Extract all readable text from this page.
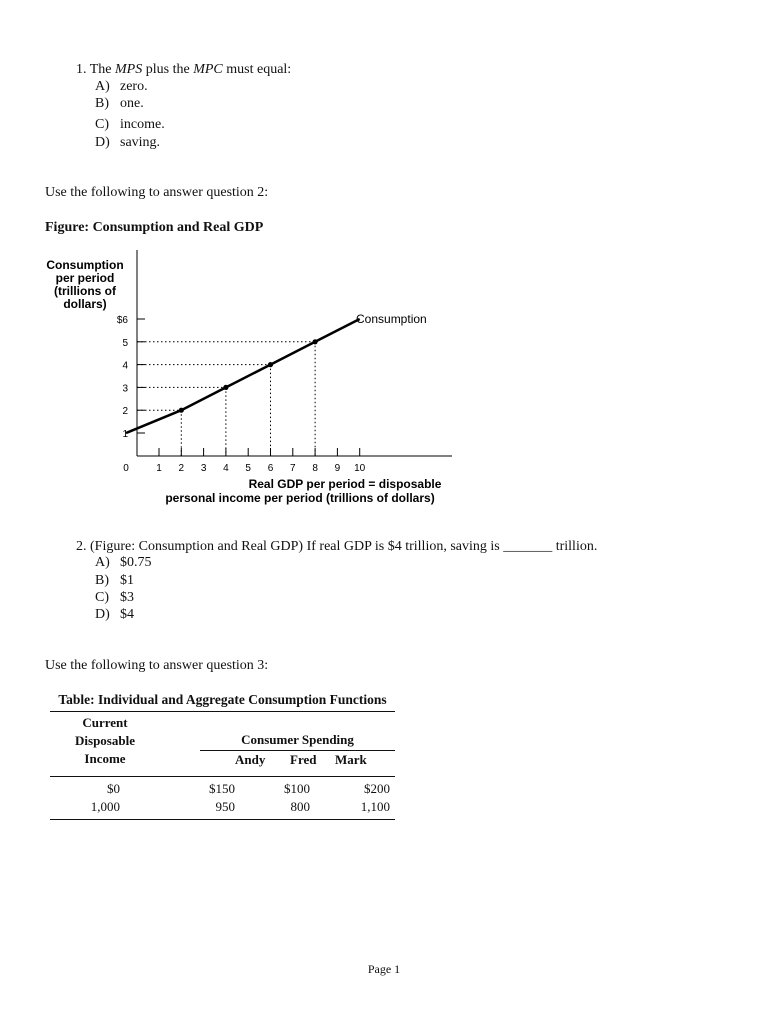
1. The MPS plus the MPC must equal:
A) zero.
B) one.
C) income.
D) saving.
Use the following to answer question 2:
Figure: Consumption and Real GDP
Consumption
per period
(trillions of
dollars)
1
2
3
4
5
$6
0	1 2 3 4 5 6 7 8 9 10
Consumption
Real GDP per period = disposable
personal income per period (trillions of dollars)
2. (Figure: Consumption and Real GDP) If real GDP is $4 trillion, saving is _______ trillion.
A) $0.75
B) $1
C) $3
D) $4
Use the following to answer question 3:
Table: Individual and Aggregate Consumption Functions
Current
Disposable
Income
Consumer Spending
Andy Fred Mark
$0	$150	$100	$200
1,000	950	800	1,100
Page 1
